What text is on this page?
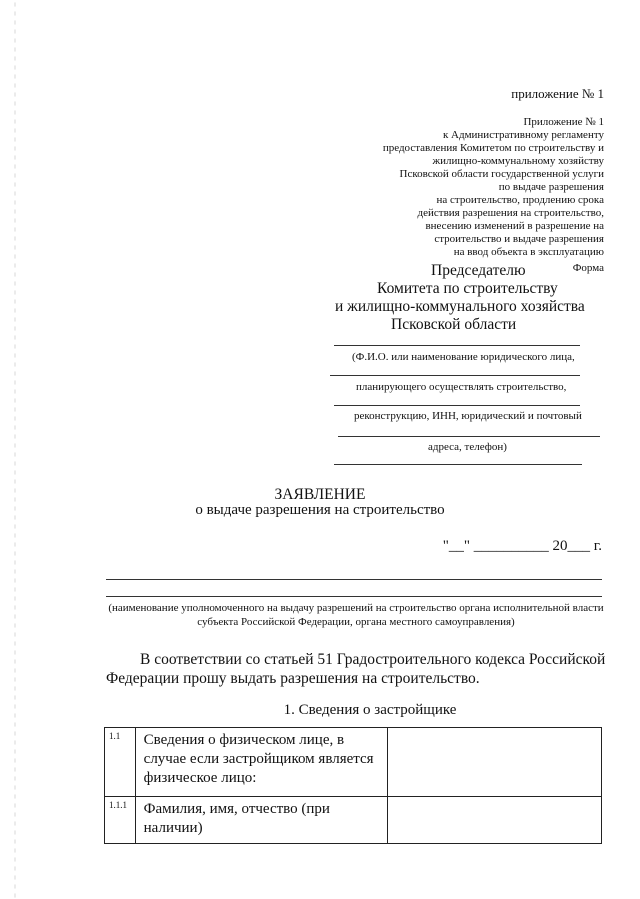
приложение № 1
Приложение № 1
к Административному регламенту
предоставления Комитетом по строительству и
жилищно-коммунальному хозяйству
Псковской области государственной услуги
по выдаче разрешения
на строительство, продлению срока
действия разрешения на строительство,
внесению изменений в разрешение на
строительство и выдаче разрешения
на ввод объекта в эксплуатацию
Форма
Председателю
Комитета по строительству
и жилищно-коммунального хозяйства
Псковской области
(Ф.И.О. или наименование юридического лица,
планирующего осуществлять строительство,
реконструкцию, ИНН, юридический и почтовый
адреса, телефон)
ЗАЯВЛЕНИЕ
о выдаче разрешения на строительство
"__" __________ 20___ г.
(наименование уполномоченного на выдачу разрешений на строительство органа исполнительной власти субъекта Российской Федерации, органа местного самоуправления)
В соответствии со статьей 51 Градостроительного кодекса Российской Федерации прошу выдать разрешения на строительство.
1. Сведения о застройщике
1.1	Сведения о физическом лице, в случае если застройщиком является физическое лицо:	
1.1.1	Фамилия, имя, отчество (при наличии)	
